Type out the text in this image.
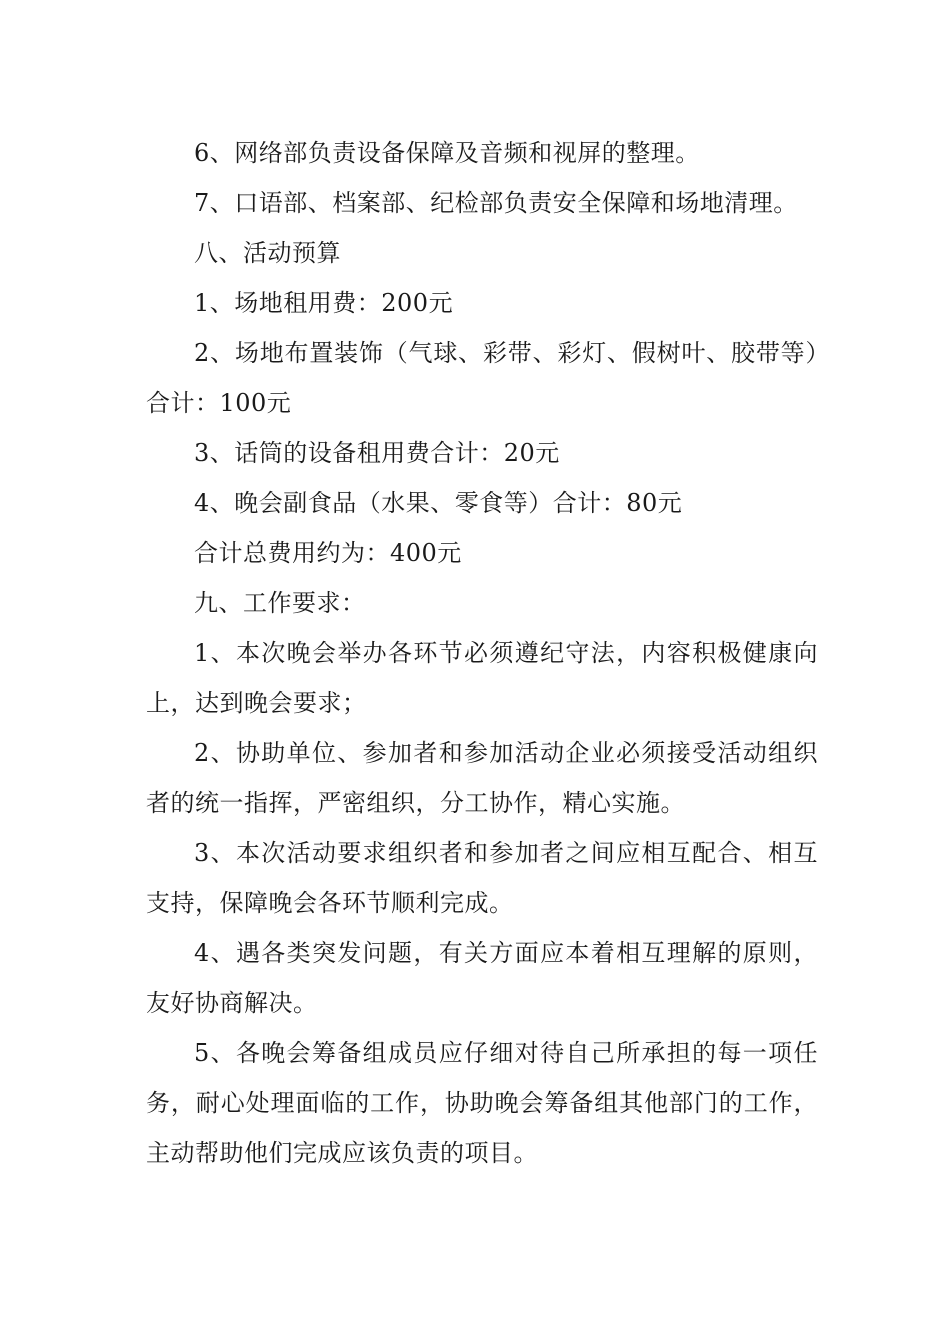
6、网络部负责设备保障及音频和视屏的整理。

7、口语部、档案部、纪检部负责安全保障和场地清理。

八、活动预算

1、场地租用费：200元

2、场地布置装饰（气球、彩带、彩灯、假树叶、胶带等）合计：100元

3、话筒的设备租用费合计：20元

4、晚会副食品（水果、零食等）合计：80元

合计总费用约为：400元

九、工作要求：

1、本次晚会举办各环节必须遵纪守法，内容积极健康向上，达到晚会要求；

2、协助单位、参加者和参加活动企业必须接受活动组织者的统一指挥，严密组织，分工协作，精心实施。

3、本次活动要求组织者和参加者之间应相互配合、相互支持，保障晚会各环节顺利完成。

4、遇各类突发问题，有关方面应本着相互理解的原则，友好协商解决。

5、各晚会筹备组成员应仔细对待自己所承担的每一项任务，耐心处理面临的工作，协助晚会筹备组其他部门的工作，主动帮助他们完成应该负责的项目。
